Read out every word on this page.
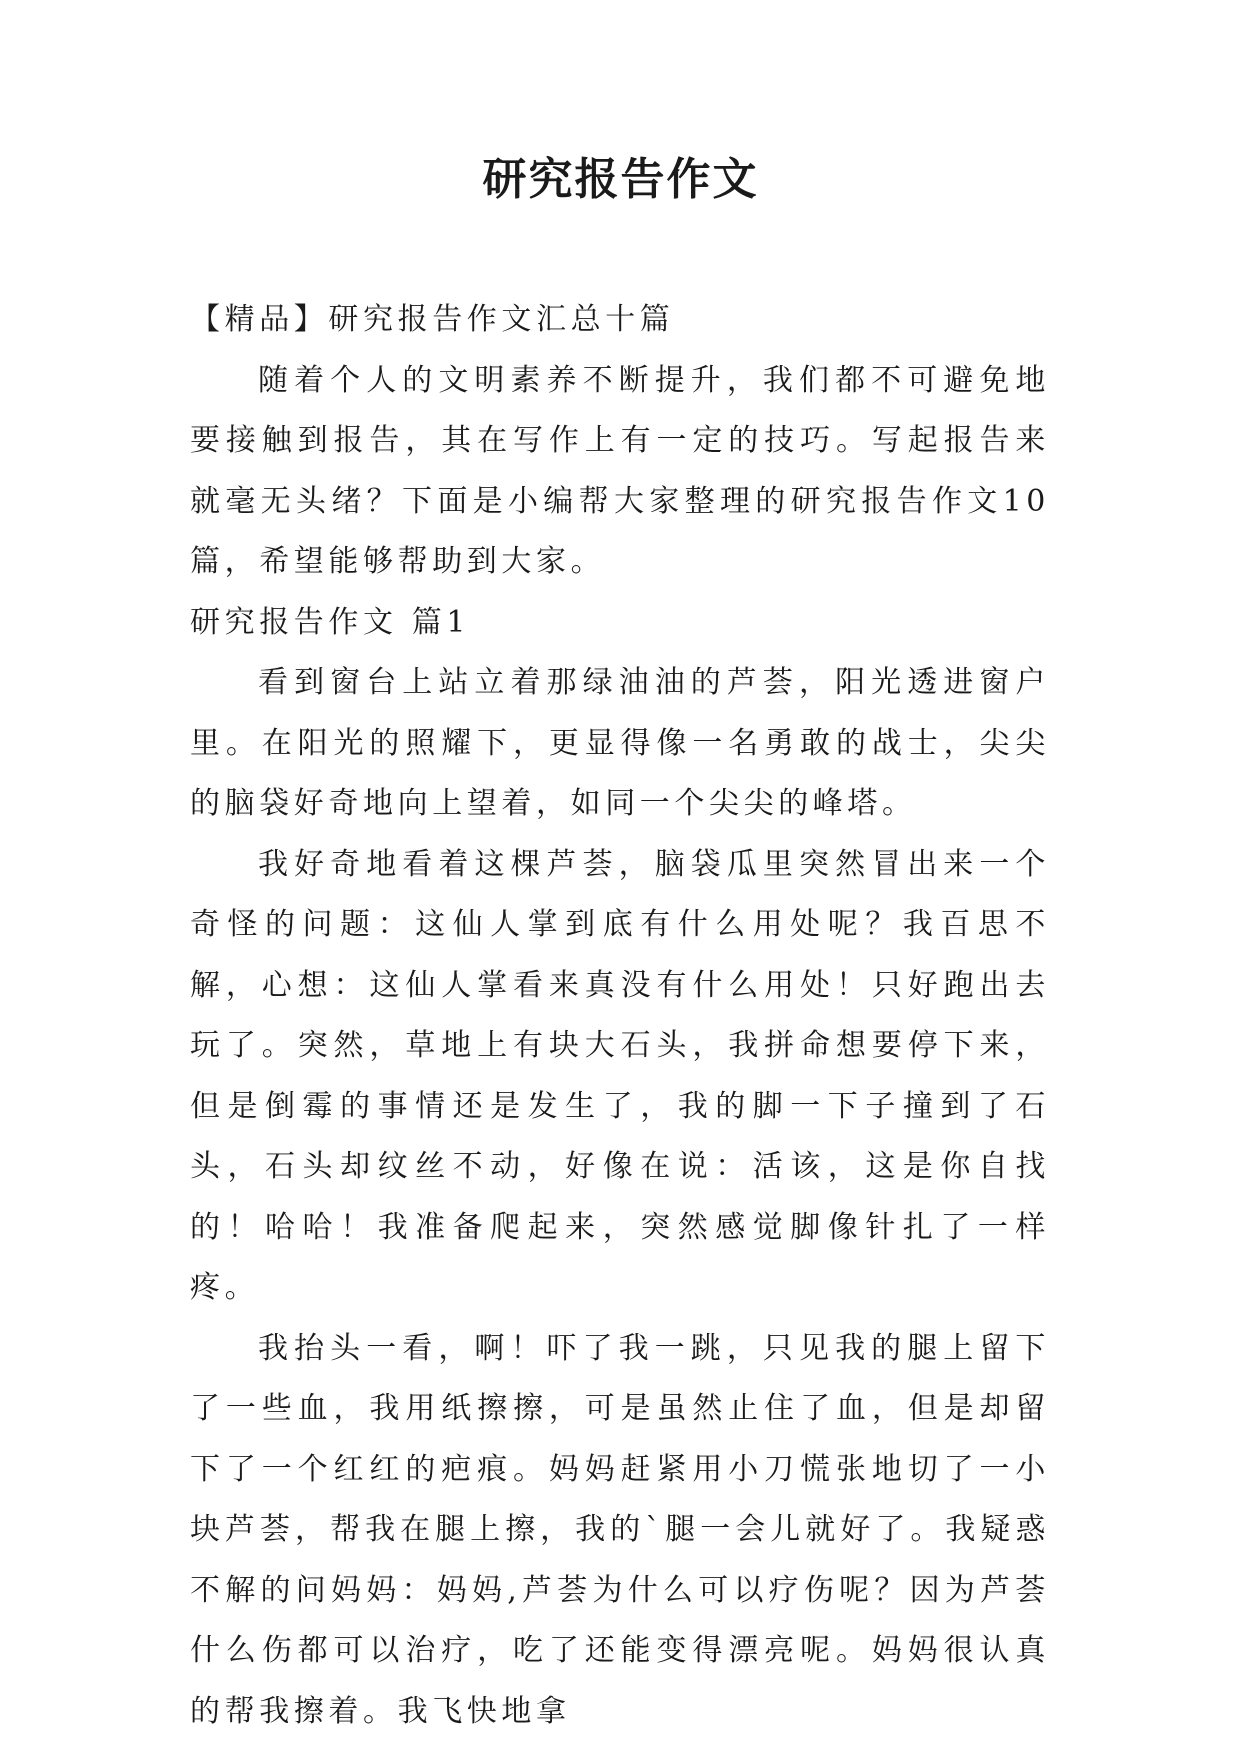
研究报告作文

【精品】研究报告作文汇总十篇

随着个人的文明素养不断提升，我们都不可避免地要接触到报告，其在写作上有一定的技巧。写起报告来就毫无头绪？下面是小编帮大家整理的研究报告作文10篇，希望能够帮助到大家。

研究报告作文 篇1

看到窗台上站立着那绿油油的芦荟，阳光透进窗户里。在阳光的照耀下，更显得像一名勇敢的战士，尖尖的脑袋好奇地向上望着，如同一个尖尖的峰塔。

我好奇地看着这棵芦荟，脑袋瓜里突然冒出来一个奇怪的问题：这仙人掌到底有什么用处呢？我百思不解，心想：这仙人掌看来真没有什么用处！只好跑出去玩了。突然，草地上有块大石头，我拼命想要停下来，但是倒霉的事情还是发生了，我的脚一下子撞到了石头，石头却纹丝不动，好像在说：活该，这是你自找的！哈哈！我准备爬起来，突然感觉脚像针扎了一样疼。

我抬头一看，啊！吓了我一跳，只见我的腿上留下了一些血，我用纸擦擦，可是虽然止住了血，但是却留下了一个红红的疤痕。妈妈赶紧用小刀慌张地切了一小块芦荟，帮我在腿上擦，我的`腿一会儿就好了。我疑惑不解的问妈妈：妈妈,芦荟为什么可以疗伤呢？因为芦荟什么伤都可以治疗，吃了还能变得漂亮呢。妈妈很认真的帮我擦着。我飞快地拿
